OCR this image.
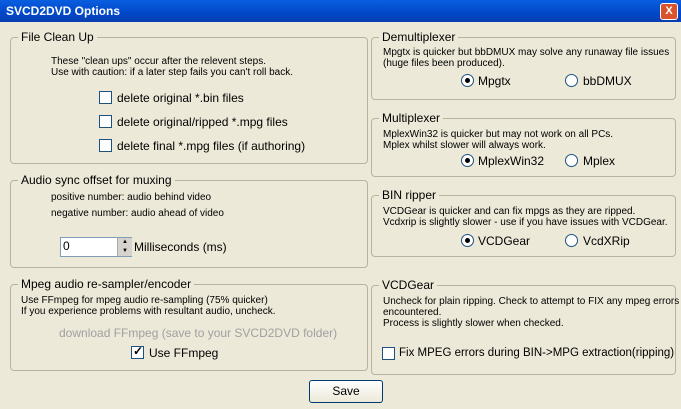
SVCD2DVD Options	X
File Clean Up
These "clean ups" occur after the relevent steps.
Use with caution: if a later step fails you can't roll back.
delete original *.bin files
delete original/ripped *.mpg files
delete final *.mpg files (if authoring)
Audio sync offset for muxing
positive number: audio behind video
negative number: audio ahead of video
0
▲
▼ Milliseconds (ms)
Mpeg audio re-sampler/encoder
Use FFmpeg for mpeg audio re-sampling (75% quicker)
If you experience problems with resultant audio, uncheck.
download FFmpeg (save to your SVCD2DVD folder)
✓
Use FFmpeg
Demultiplexer
Mpgtx is quicker but bbDMUX may solve any runaway file issues
(huge files been produced).
Mpgtx	bbDMUX
Multiplexer
MplexWin32 is quicker but may not work on all PCs.
Mplex whilst slower will always work.
MplexWin32	Mplex
BIN ripper
VCDGear is quicker and can fix mpgs as they are ripped.
Vcdxrip is slightly slower - use if you have issues with VCDGear.
VCDGear	VcdXRip
VCDGear
Uncheck for plain ripping. Check to attempt to FIX any mpeg errors
encountered.
Process is slightly slower when checked.
Fix MPEG errors during BIN->MPG extraction(ripping)
Save
